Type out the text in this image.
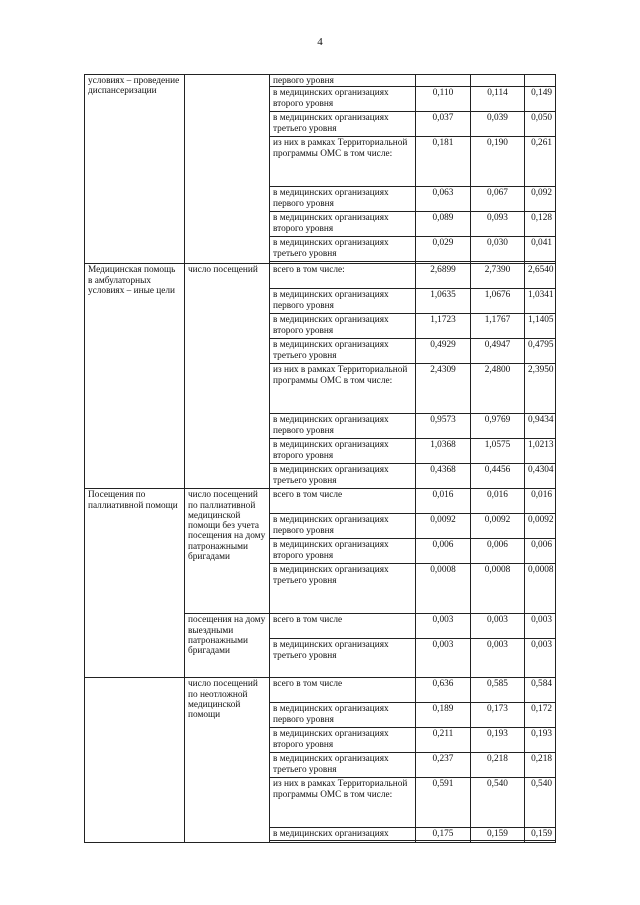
4
условиях – проведение диспансеризации		первого уровня			
		в медицинских организациях второго уровня	0,110	0,114	0,149
		в медицинских организациях третьего уровня	0,037	0,039	0,050
		из них в рамках Территориальной программы ОМС в том числе:	0,181	0,190	0,261
		в медицинских организациях первого уровня	0,063	0,067	0,092
		в медицинских организациях второго уровня	0,089	0,093	0,128
		в медицинских организациях третьего уровня	0,029	0,030	0,041

Медицинская помощь в амбулаторных условиях – иные цели	число посещений	всего в том числе:	2,6899	2,7390	2,6540
		в медицинских организациях первого уровня	1,0635	1,0676	1,0341
		в медицинских организациях второго уровня	1,1723	1,1767	1,1405
		в медицинских организациях третьего уровня	0,4929	0,4947	0,4795
		из них в рамках Территориальной программы ОМС в том числе:	2,4309	2,4800	2,3950
		в медицинских организациях первого уровня	0,9573	0,9769	0,9434
		в медицинских организациях второго уровня	1,0368	1,0575	1,0213
		в медицинских организациях третьего уровня	0,4368	0,4456	0,4304
Посещения по паллиативной помощи	число посещений по паллиативной медицинской помощи без учета посещения на дому патронажными бригадами	всего в том числе	0,016	0,016	0,016
		в медицинских организациях первого уровня	0,0092	0,0092	0,0092
		в медицинских организациях второго уровня	0,006	0,006	0,006
		в медицинских организациях третьего уровня	0,0008	0,0008	0,0008
	посещения на дому выездными патронажными бригадами	всего в том числе	0,003	0,003	0,003
		в медицинских организациях третьего уровня	0,003	0,003	0,003
	число посещений по неотложной медицинской помощи	всего в том числе	0,636	0,585	0,584
		в медицинских организациях первого уровня	0,189	0,173	0,172
		в медицинских организациях второго уровня	0,211	0,193	0,193
		в медицинских организациях третьего уровня	0,237	0,218	0,218
		из них в рамках Территориальной программы ОМС в том числе:	0,591	0,540	0,540
		в медицинских организациях	0,175	0,159	0,159
